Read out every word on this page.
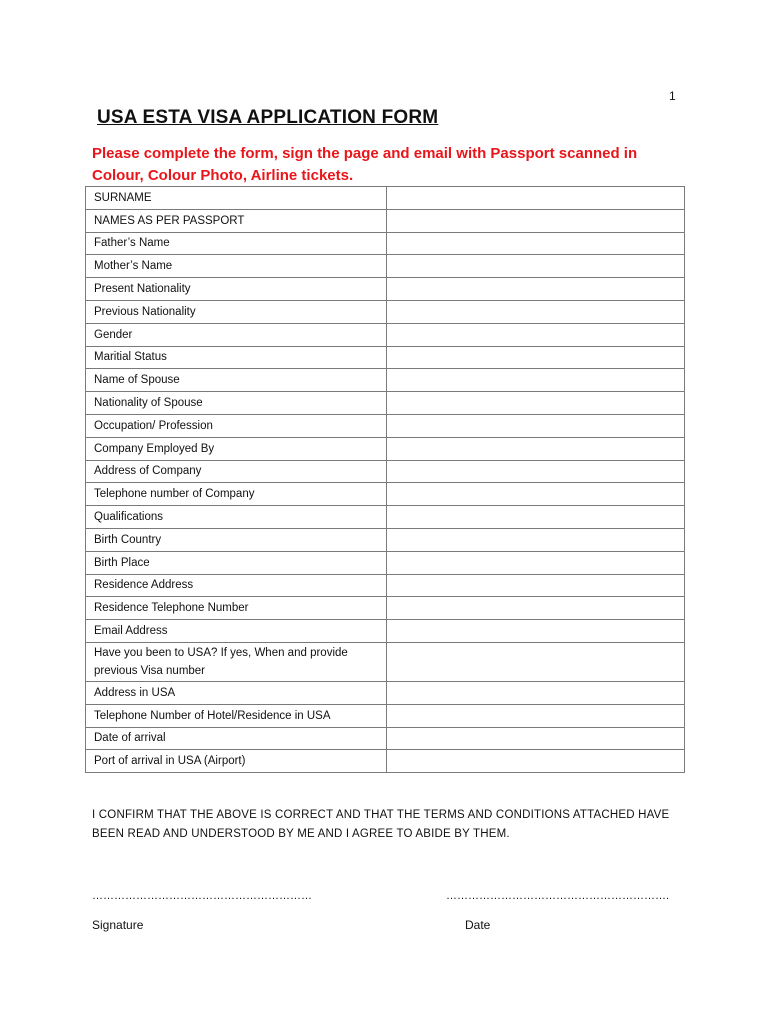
1
USA ESTA VISA APPLICATION FORM

Please complete the form, sign the page and email with Passport scanned in Colour, Colour Photo, Airline tickets.

SURNAME	
NAMES AS PER PASSPORT	
Father’s Name	
Mother’s Name	
Present Nationality	
Previous Nationality	
Gender	
Maritial Status	
Name of Spouse	
Nationality of Spouse	
Occupation/ Profession	
Company Employed By	
Address of Company	
Telephone number of Company	
Qualifications	
Birth Country	
Birth Place	
Residence Address	
Residence Telephone Number	
Email Address	
Have you been to USA? If yes, When and provide previous Visa number	
Address in USA	
Telephone Number of Hotel/Residence in USA	
Date of arrival	
Port of arrival in USA (Airport)	

I CONFIRM THAT THE ABOVE IS CORRECT AND THAT THE TERMS AND CONDITIONS ATTACHED HAVE BEEN READ AND UNDERSTOOD BY ME AND I AGREE TO ABIDE BY THEM.

……………………………………………………	…………………………………………………….
Signature	Date
